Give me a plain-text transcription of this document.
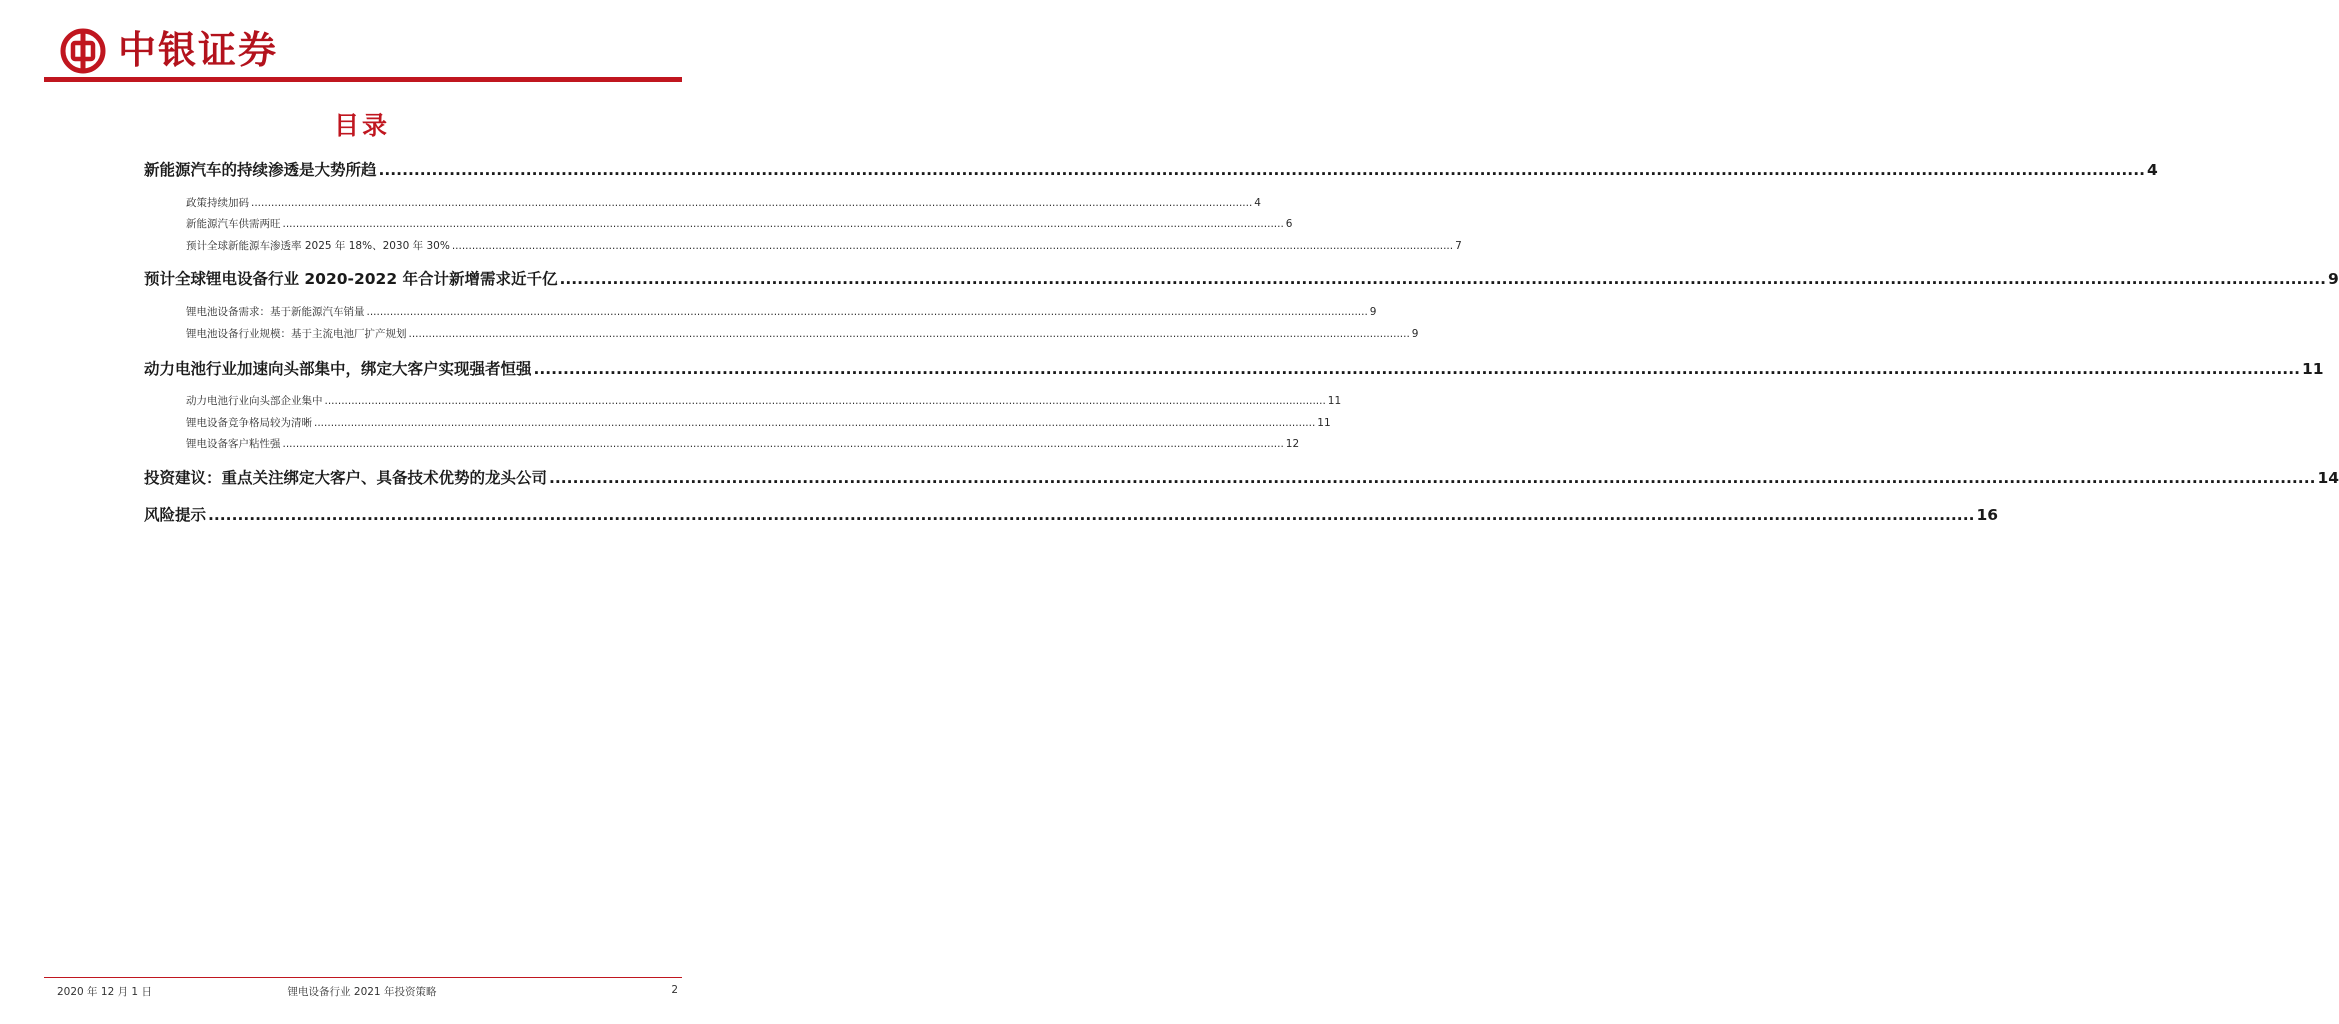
中银证券
目录
新能源汽车的持续渗透是大势所趋 ............................................................................................................................................................................................................................................................................................................ 4
政策持续加码 ............................................................................................................................................................................................................................................................................................................ 4
新能源汽车供需两旺 ............................................................................................................................................................................................................................................................................................................ 6
预计全球新能源车渗透率 2025 年 18%、2030 年 30% ............................................................................................................................................................................................................................................................................................................ 7
预计全球锂电设备行业 2020-2022 年合计新增需求近千亿 ............................................................................................................................................................................................................................................................................................................ 9
锂电池设备需求：基于新能源汽车销量 ............................................................................................................................................................................................................................................................................................................ 9
锂电池设备行业规模：基于主流电池厂扩产规划 ............................................................................................................................................................................................................................................................................................................ 9
动力电池行业加速向头部集中，绑定大客户实现强者恒强 ............................................................................................................................................................................................................................................................................................................ 11
动力电池行业向头部企业集中 ............................................................................................................................................................................................................................................................................................................ 11
锂电设备竞争格局较为清晰 ............................................................................................................................................................................................................................................................................................................ 11
锂电设备客户粘性强 ............................................................................................................................................................................................................................................................................................................ 12
投资建议：重点关注绑定大客户、具备技术优势的龙头公司 ............................................................................................................................................................................................................................................................................................................ 14
风险提示 ............................................................................................................................................................................................................................................................................................................ 16
2020 年 12 月 1 日	锂电设备行业 2021 年投资策略	2
